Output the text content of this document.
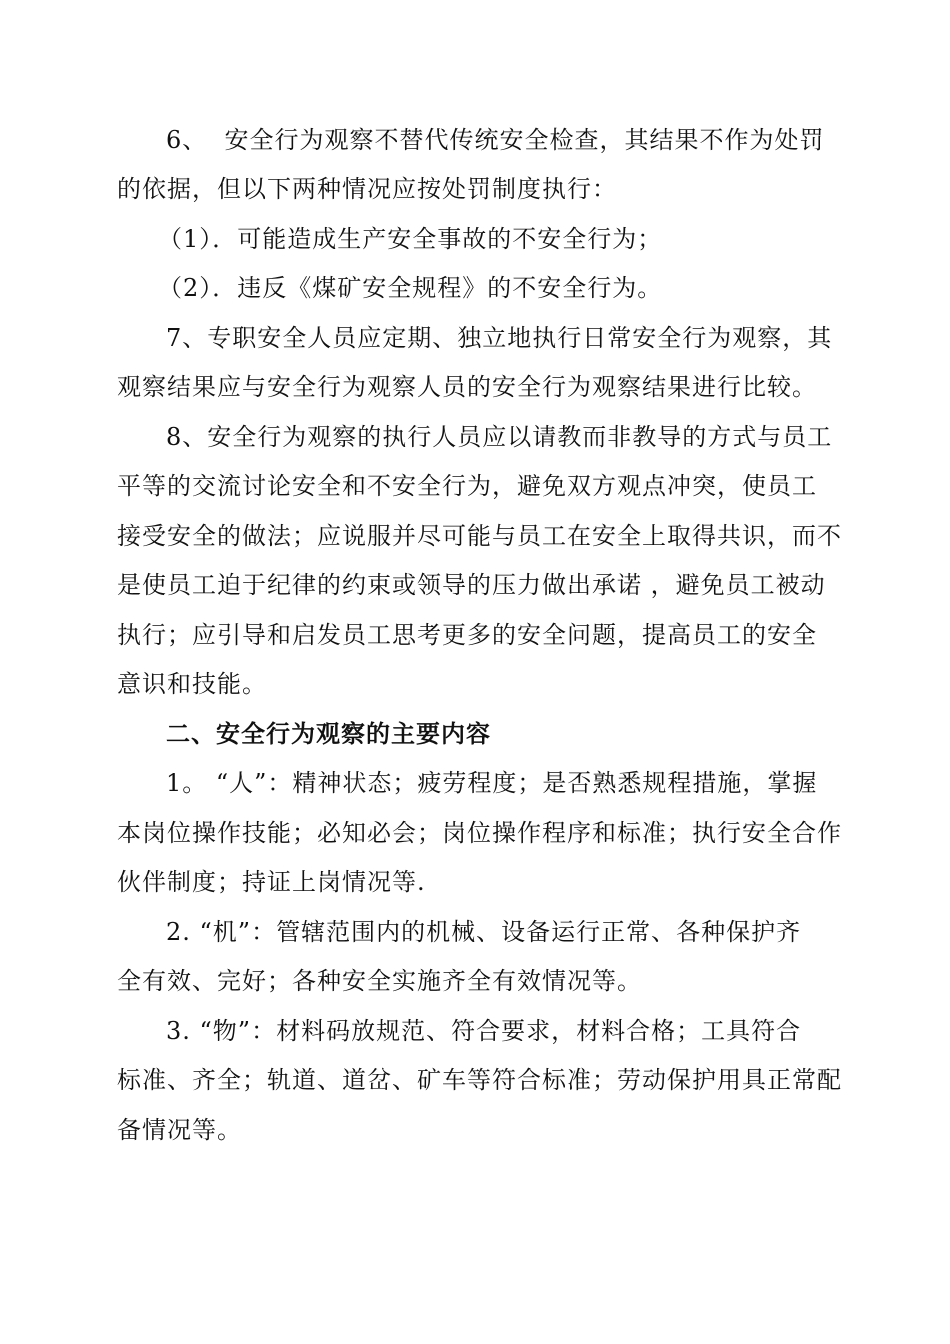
6、  安全行为观察不替代传统安全检查，其结果不作为处罚
的依据，但以下两种情况应按处罚制度执行：
（1）．可能造成生产安全事故的不安全行为；
（2）．违反《煤矿安全规程》的不安全行为。
7、专职安全人员应定期、独立地执行日常安全行为观察，其
观察结果应与安全行为观察人员的安全行为观察结果进行比较。
8、安全行为观察的执行人员应以请教而非教导的方式与员工
平等的交流讨论安全和不安全行为，避免双方观点冲突，使员工
接受安全的做法；应说服并尽可能与员工在安全上取得共识，而不
是使员工迫于纪律的约束或领导的压力做出承诺 ，避免员工被动
执行；应引导和启发员工思考更多的安全问题，提高员工的安全
意识和技能。
二、安全行为观察的主要内容
1。 “人”：精神状态；疲劳程度；是否熟悉规程措施，掌握
本岗位操作技能；必知必会；岗位操作程序和标准；执行安全合作
伙伴制度；持证上岗情况等.
2. “机”：管辖范围内的机械、设备运行正常、各种保护齐
全有效、完好；各种安全实施齐全有效情况等。
3. “物”：材料码放规范、符合要求，材料合格；工具符合
标准、齐全；轨道、道岔、矿车等符合标准；劳动保护用具正常配
备情况等。
